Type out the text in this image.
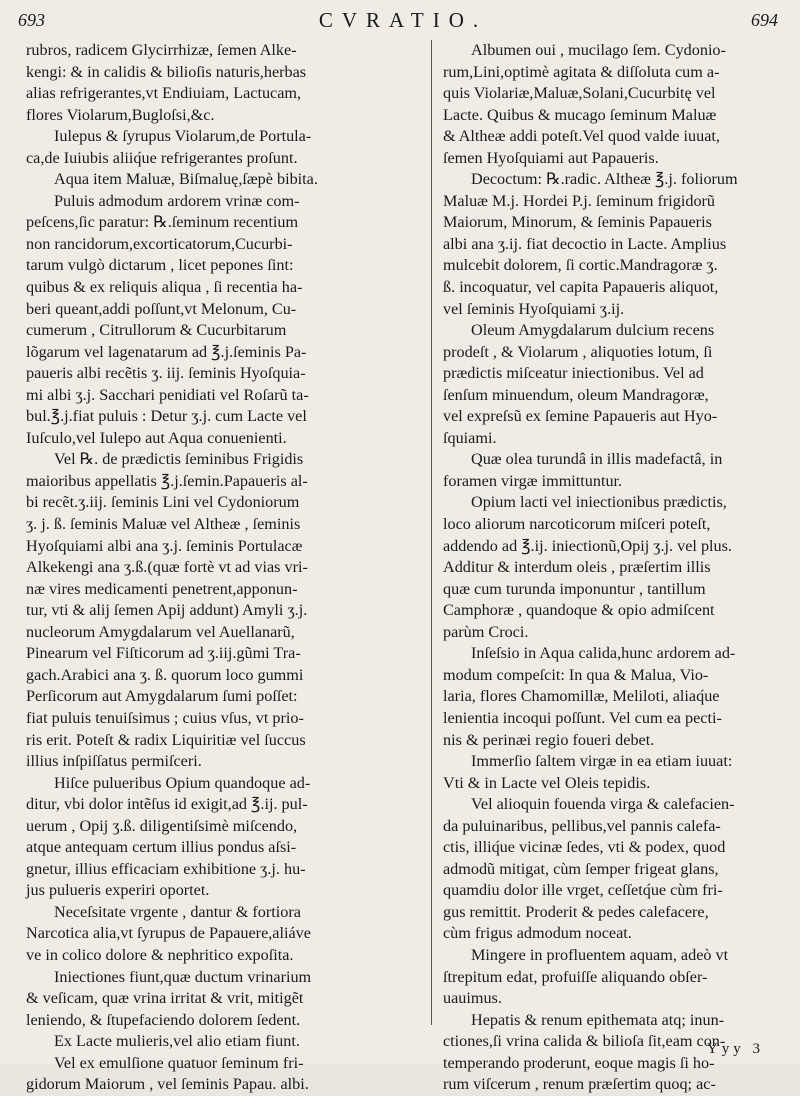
693	CVRATIO.	694
rubros, radicem Glycirrhizæ, ſemen Alke-
kengi: & in calidis & bilioſis naturis,herbas
alias refrigerantes,vt Endiuiam, Lactucam,
flores Violarum,Bugloſsi,&c.
Iulepus & ſyrupus Violarum,de Portula-
ca,de Iuiubis aliiq́ue refrigerantes proſunt.
Aqua item Maluæ, Biſmaluę,ſæpè bibita.
Puluis admodum ardorem vrinæ com-
peſcens,ſic paratur: ℞.ſeminum recentium
non rancidorum,excorticatorum,Cucurbi-
tarum vulgò dictarum , licet pepones ſint:
quibus & ex reliquis aliqua , ſi recentia ha-
beri queant,addi poſſunt,vt Melonum, Cu-
cumerum , Citrullorum & Cucurbitarum
lõgarum vel lagenatarum ad ℥.j.ſeminis Pa-
paueris albi recẽtis ʒ. iij. ſeminis Hyoſquia-
mi albi ʒ.j. Sacchari penidiati vel Roſarũ ta-
bul.℥.j.fiat puluis : Detur ʒ.j. cum Lacte vel
Iuſculo,vel Iulepo aut Aqua conuenienti.
Vel ℞. de prædictis ſeminibus Frigidis
maioribus appellatis ℥.j.ſemin.Papaueris al-
bi recẽt.ʒ.iij. ſeminis Lini vel Cydoniorum
ʒ. j. ß. ſeminis Maluæ vel Altheæ , ſeminis
Hyoſquiami albi ana ʒ.j. ſeminis Portulacæ
Alkekengi ana ʒ.ß.(quæ fortè vt ad vias vri-
næ vires medicamenti penetrent,apponun-
tur, vti & alij ſemen Apij addunt) Amyli ʒ.j.
nucleorum Amygdalarum vel Auellanarũ,
Pinearum vel Fiſticorum ad ʒ.iij.gũmi Tra-
gach.Arabici ana ʒ. ß. quorum loco gummi
Perſicorum aut Amygdalarum ſumi poſſet:
fiat puluis tenuiſsimus ; cuius vſus, vt prio-
ris erit. Poteſt & radix Liquiritiæ vel ſuccus
illius inſpiſſatus permiſceri.
Hiſce pulueribus Opium quandoque ad-
ditur, vbi dolor intẽſus id exigit,ad ℥.ij. pul-
uerum , Opij ʒ.ß. diligentiſsimè miſcendo,
atque antequam certum illius pondus aſsi-
gnetur, illius efficaciam exhibitione ʒ.j. hu-
jus pulueris experiri oportet.
Neceſsitate vrgente , dantur & fortiora
Narcotica alia,vt ſyrupus de Papauere,aliáve
ve in colico dolore & nephritico expoſita.
Iniectiones fiunt,quæ ductum vrinarium
& veſicam, quæ vrina irritat & vrit, mitigẽt
leniendo, & ſtupefaciendo dolorem ſedent.
Ex Lacte mulieris,vel alio etiam fiunt.
Vel ex emulſione quatuor ſeminum fri-
gidorum Maiorum , vel ſeminis Papau. albi.
Albumen oui , mucilago ſem. Cydonio-
rum,Lini,optimè agitata & diſſoluta cum a-
quis Violariæ,Maluæ,Solani,Cucurbitę vel
Lacte. Quibus & mucago ſeminum Maluæ
& Altheæ addi poteſt.Vel quod valde iuuat,
ſemen Hyoſquiami aut Papaueris.
Decoctum: ℞.radic. Altheæ ℥.j. foliorum
Maluæ M.j. Hordei P.j. ſeminum frigidorũ
Maiorum, Minorum, & ſeminis Papaueris
albi ana ʒ.ij. fiat decoctio in Lacte. Amplius
mulcebit dolorem, ſi cortic.Mandragoræ ʒ.
ß. incoquatur, vel capita Papaueris aliquot,
vel ſeminis Hyoſquiami ʒ.ij.
Oleum Amygdalarum dulcium recens
prodeſt , & Violarum , aliquoties lotum, ſi
prædictis miſceatur iniectionibus. Vel ad
ſenſum minuendum, oleum Mandragoræ,
vel expreſsũ ex ſemine Papaueris aut Hyo-
ſquiami.
Quæ olea turundâ in illis madefactâ, in
foramen virgæ immittuntur.
Opium lacti vel iniectionibus prædictis,
loco aliorum narcoticorum miſceri poteſt,
addendo ad ℥.ij. iniectionũ,Opij ʒ.j. vel plus.
Additur & interdum oleis , præſertim illis
quæ cum turunda imponuntur , tantillum
Camphoræ , quandoque & opio admiſcent
parùm Croci.
Inſeſsio in Aqua calida,hunc ardorem ad-
modum compeſcit: In qua & Malua, Vio-
laria, flores Chamomillæ, Meliloti, aliaq́ue
lenientia incoqui poſſunt. Vel cum ea pecti-
nis & perinæi regio foueri debet.
Immerſio ſaltem virgæ in ea etiam iuuat:
Vti & in Lacte vel Oleis tepidis.
Vel alioquin fouenda virga & calefacien-
da puluinaribus, pellibus,vel pannis calefa-
ctis, illiq́ue vicinæ ſedes, vti & podex, quod
admodũ mitigat, cùm ſemper frigeat glans,
quamdiu dolor ille vrget, ceſſetq́ue cùm fri-
gus remittit. Proderit & pedes calefacere,
cùm frigus admodum noceat.
Mingere in profluentem aquam, adeò vt
ſtrepitum edat, profuiſſe aliquando obſer-
uauimus.
Hepatis & renum epithemata atq; inun-
ctiones,ſi vrina calida & bilioſa ſit,eam con-
temperando proderunt, eoque magis ſi ho-
rum viſcerum , renum præſertim quoq; ac-
Yyy 3
